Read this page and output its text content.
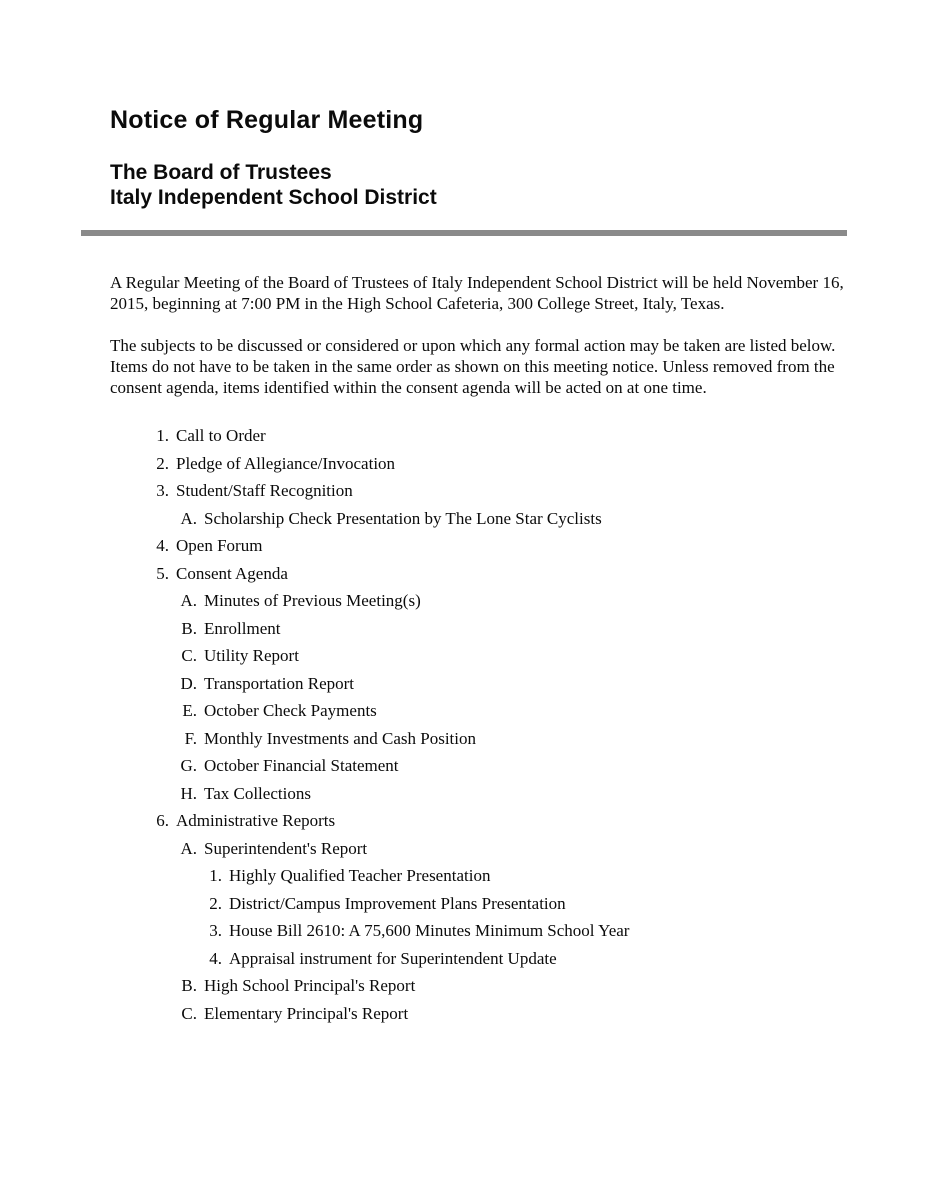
Notice of Regular Meeting
The Board of Trustees
Italy Independent School District

A Regular Meeting of the Board of Trustees of Italy Independent School District will be held November 16, 2015, beginning at 7:00 PM in the High School Cafeteria, 300 College Street, Italy, Texas.

The subjects to be discussed or considered or upon which any formal action may be taken are listed below. Items do not have to be taken in the same order as shown on this meeting notice. Unless removed from the consent agenda, items identified within the consent agenda will be acted on at one time.

1. Call to Order
2. Pledge of Allegiance/Invocation
3. Student/Staff Recognition
A. Scholarship Check Presentation by The Lone Star Cyclists
4. Open Forum
5. Consent Agenda
A. Minutes of Previous Meeting(s)
B. Enrollment
C. Utility Report
D. Transportation Report
E. October Check Payments
F. Monthly Investments and Cash Position
G. October Financial Statement
H. Tax Collections
6. Administrative Reports
A. Superintendent's Report
1. Highly Qualified Teacher Presentation
2. District/Campus Improvement Plans Presentation
3. House Bill 2610: A 75,600 Minutes Minimum School Year
4. Appraisal instrument for Superintendent Update
B. High School Principal's Report
C. Elementary Principal's Report
